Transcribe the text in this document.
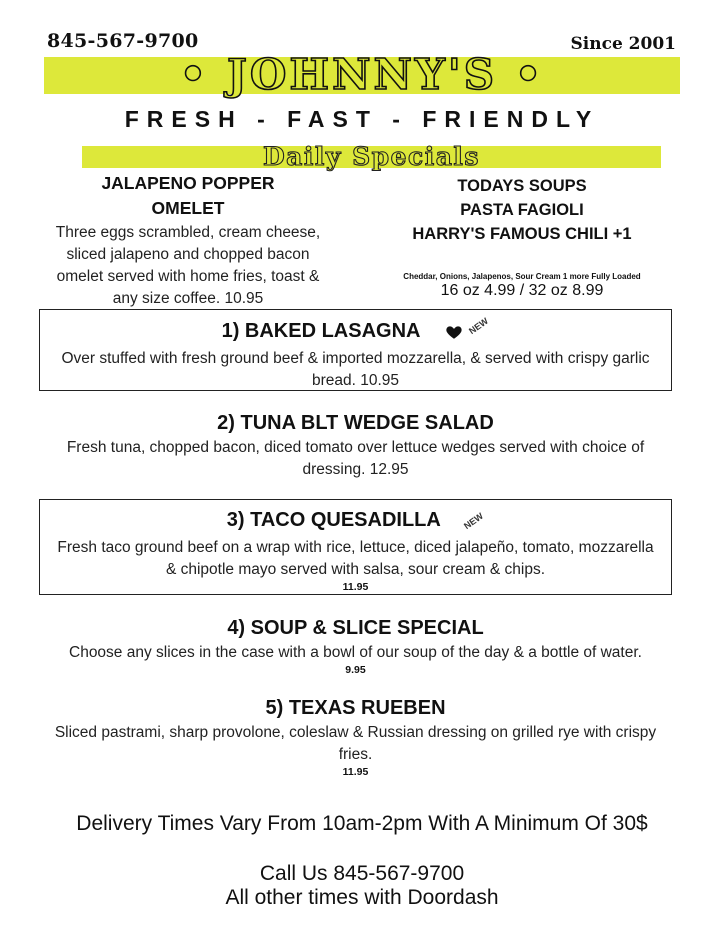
845-567-9700	Since 2001
• JOHNNY'S •
FRESH - FAST - FRIENDLY
Daily Specials
JALAPENO POPPER
OMELET
Three eggs scrambled, cream cheese,
sliced jalapeno and chopped bacon
omelet served with home fries, toast &
any size coffee. 10.95
TODAYS SOUPS
PASTA FAGIOLI
HARRY'S FAMOUS CHILI +1
Cheddar, Onions, Jalapenos, Sour Cream 1 more Fully Loaded
16 oz 4.99 / 32 oz 8.99
1) BAKED LASAGNA	NEW
Over stuffed with fresh ground beef & imported mozzarella, & served with crispy garlic
bread. 10.95
2) TUNA BLT WEDGE SALAD
Fresh tuna, chopped bacon, diced tomato over lettuce wedges served with choice of
dressing. 12.95
3) TACO QUESADILLA NEW
Fresh taco ground beef on a wrap with rice, lettuce, diced jalapeño, tomato, mozzarella
& chipotle mayo served with salsa, sour cream & chips.
11.95
4) SOUP & SLICE SPECIAL
Choose any slices in the case with a bowl of our soup of the day & a bottle of water.
9.95
5) TEXAS RUEBEN
Sliced pastrami, sharp provolone, coleslaw & Russian dressing on grilled rye with crispy
fries.
11.95
Delivery Times Vary From 10am-2pm With A Minimum Of 30$
Call Us 845-567-9700
All other times with Doordash
